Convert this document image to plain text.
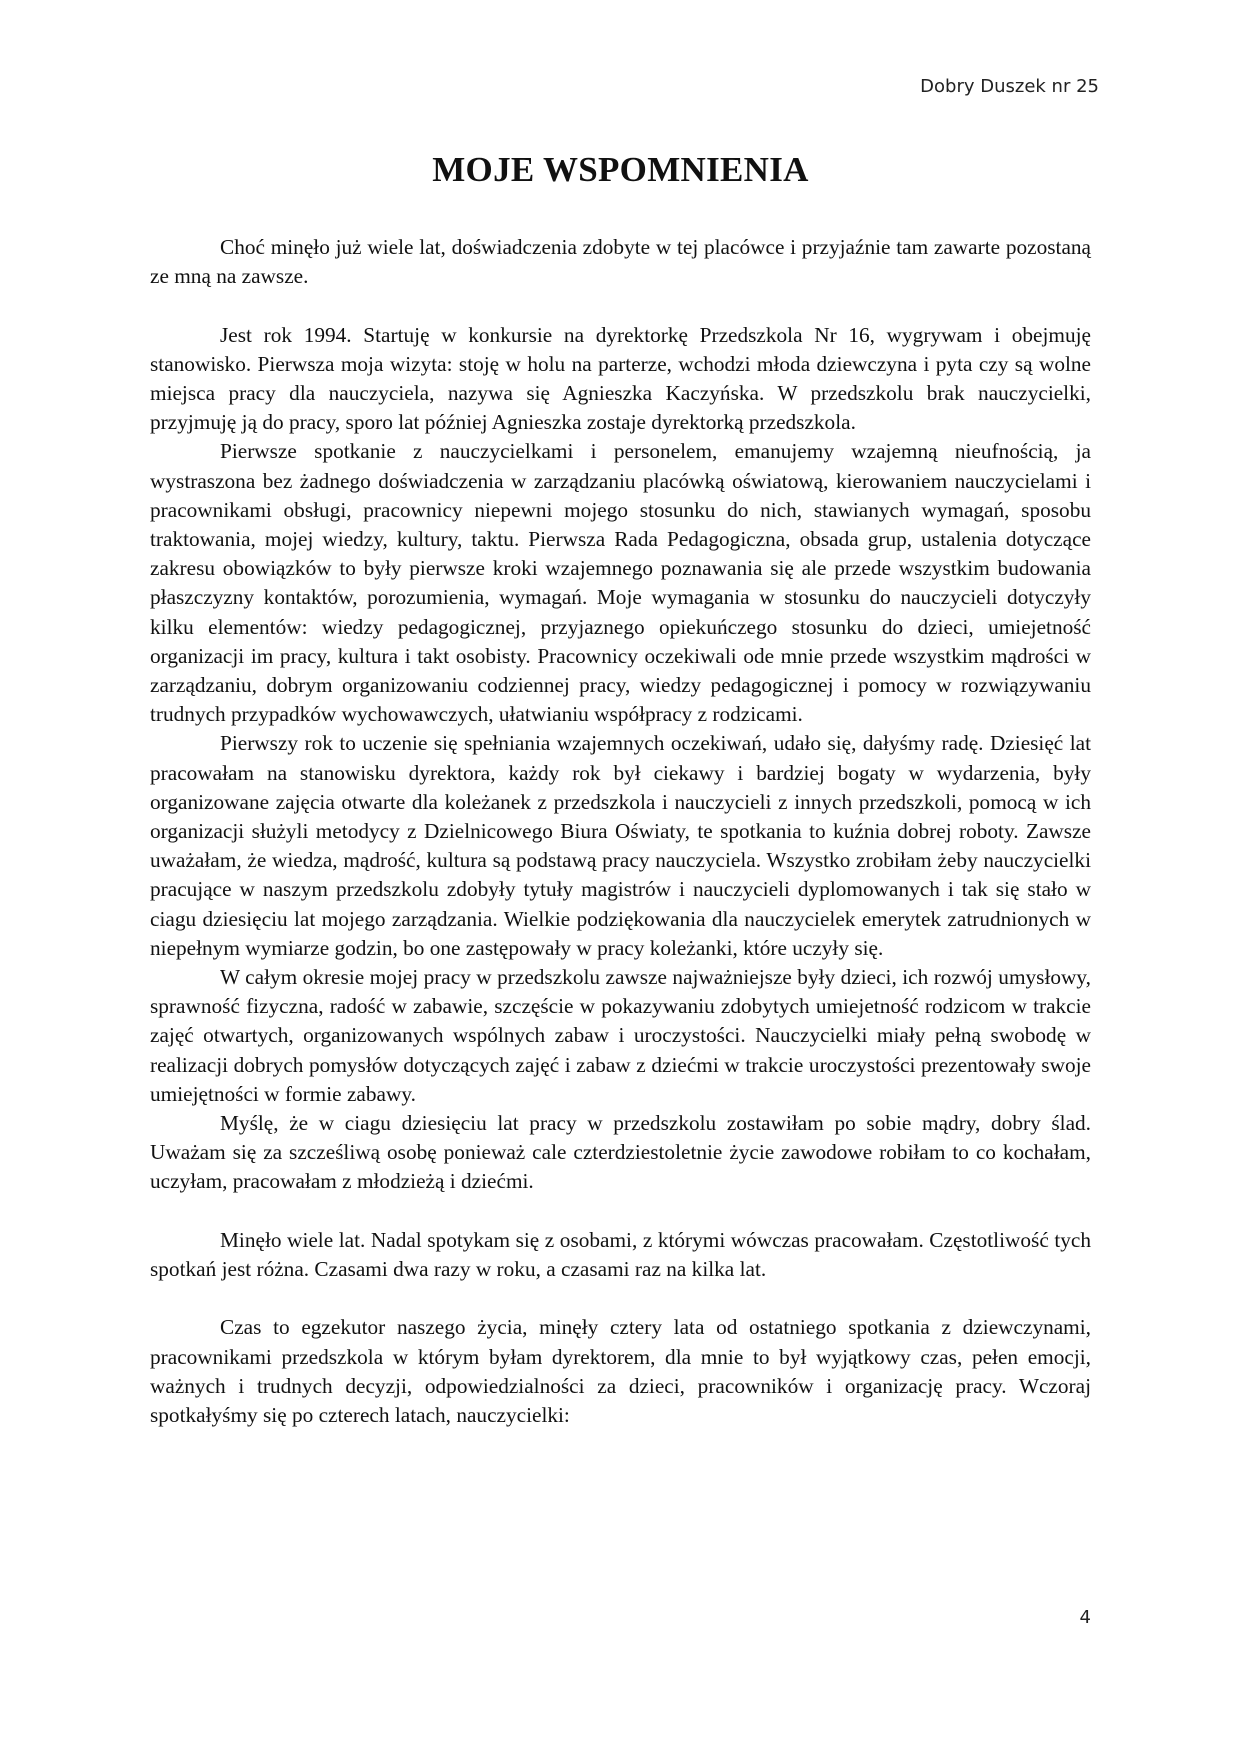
Dobry Duszek nr 25
MOJE WSPOMNIENIA

Choć minęło już wiele lat, doświadczenia zdobyte w tej placówce i przyjaźnie tam zawarte pozostaną ze mną na zawsze.

Jest rok 1994. Startuję w konkursie na dyrektorkę Przedszkola Nr 16, wygrywam i obejmuję stanowisko. Pierwsza moja wizyta: stoję w holu na parterze, wchodzi młoda dziewczyna i pyta czy są wolne miejsca pracy dla nauczyciela, nazywa się Agnieszka Kaczyńska. W przedszkolu brak nauczycielki, przyjmuję ją do pracy, sporo lat później Agnieszka zostaje dyrektorką przedszkola.

Pierwsze spotkanie z nauczycielkami i personelem, emanujemy wzajemną nieufnością, ja wystraszona bez żadnego doświadczenia w zarządzaniu placówką oświatową, kierowaniem nauczycielami i pracownikami obsługi, pracownicy niepewni mojego stosunku do nich, stawianych wymagań, sposobu traktowania, mojej wiedzy, kultury, taktu. Pierwsza Rada Pedagogiczna, obsada grup, ustalenia dotyczące zakresu obowiązków to były pierwsze kroki wzajemnego poznawania się ale przede wszystkim budowania płaszczyzny kontaktów, porozumienia, wymagań. Moje wymagania w stosunku do nauczycieli dotyczyły kilku elementów: wiedzy pedagogicznej, przyjaznego opiekuńczego stosunku do dzieci, umiejetność organizacji im pracy, kultura i takt osobisty. Pracownicy oczekiwali ode mnie przede wszystkim mądrości w zarządzaniu, dobrym organizowaniu codziennej pracy, wiedzy pedagogicznej i pomocy w rozwiązywaniu trudnych przypadków wychowawczych, ułatwianiu współpracy z rodzicami.

Pierwszy rok to uczenie się spełniania wzajemnych oczekiwań, udało się, dałyśmy radę. Dziesięć lat pracowałam na stanowisku dyrektora, każdy rok był ciekawy i bardziej bogaty w wydarzenia, były organizowane zajęcia otwarte dla koleżanek z przedszkola i nauczycieli z innych przedszkoli, pomocą w ich organizacji służyli metodycy z Dzielnicowego Biura Oświaty, te spotkania to kuźnia dobrej roboty. Zawsze uważałam, że wiedza, mądrość, kultura są podstawą pracy nauczyciela. Wszystko zrobiłam żeby nauczycielki pracujące w naszym przedszkolu zdobyły tytuły magistrów i nauczycieli dyplomowanych i tak się stało w ciagu dziesięciu lat mojego zarządzania. Wielkie podziękowania dla nauczycielek emerytek zatrudnionych w niepełnym wymiarze godzin, bo one zastępowały w pracy koleżanki, które uczyły się.

W całym okresie mojej pracy w przedszkolu zawsze najważniejsze były dzieci, ich rozwój umysłowy, sprawność fizyczna, radość w zabawie, szczęście w pokazywaniu zdobytych umiejetność rodzicom w trakcie zajęć otwartych, organizowanych wspólnych zabaw i uroczystości. Nauczycielki miały pełną swobodę w realizacji dobrych pomysłów dotyczących zajęć i zabaw z dziećmi w trakcie uroczystości prezentowały swoje umiejętności w formie zabawy.

Myślę, że w ciagu dziesięciu lat pracy w przedszkolu zostawiłam po sobie mądry, dobry ślad. Uważam się za szcześliwą osobę ponieważ cale czterdziestoletnie życie zawodowe robiłam to co kochałam, uczyłam, pracowałam z młodzieżą i dziećmi.

Minęło wiele lat. Nadal spotykam się z osobami, z którymi wówczas pracowałam. Częstotliwość tych spotkań jest różna. Czasami dwa razy w roku, a czasami raz na kilka lat.

Czas to egzekutor naszego życia, minęły cztery lata od ostatniego spotkania z dziewczynami, pracownikami przedszkola w którym byłam dyrektorem, dla mnie to był wyjątkowy czas, pełen emocji, ważnych i trudnych decyzji, odpowiedzialności za dzieci, pracowników i organizację pracy. Wczoraj spotkałyśmy się po czterech latach, nauczycielki:

4
